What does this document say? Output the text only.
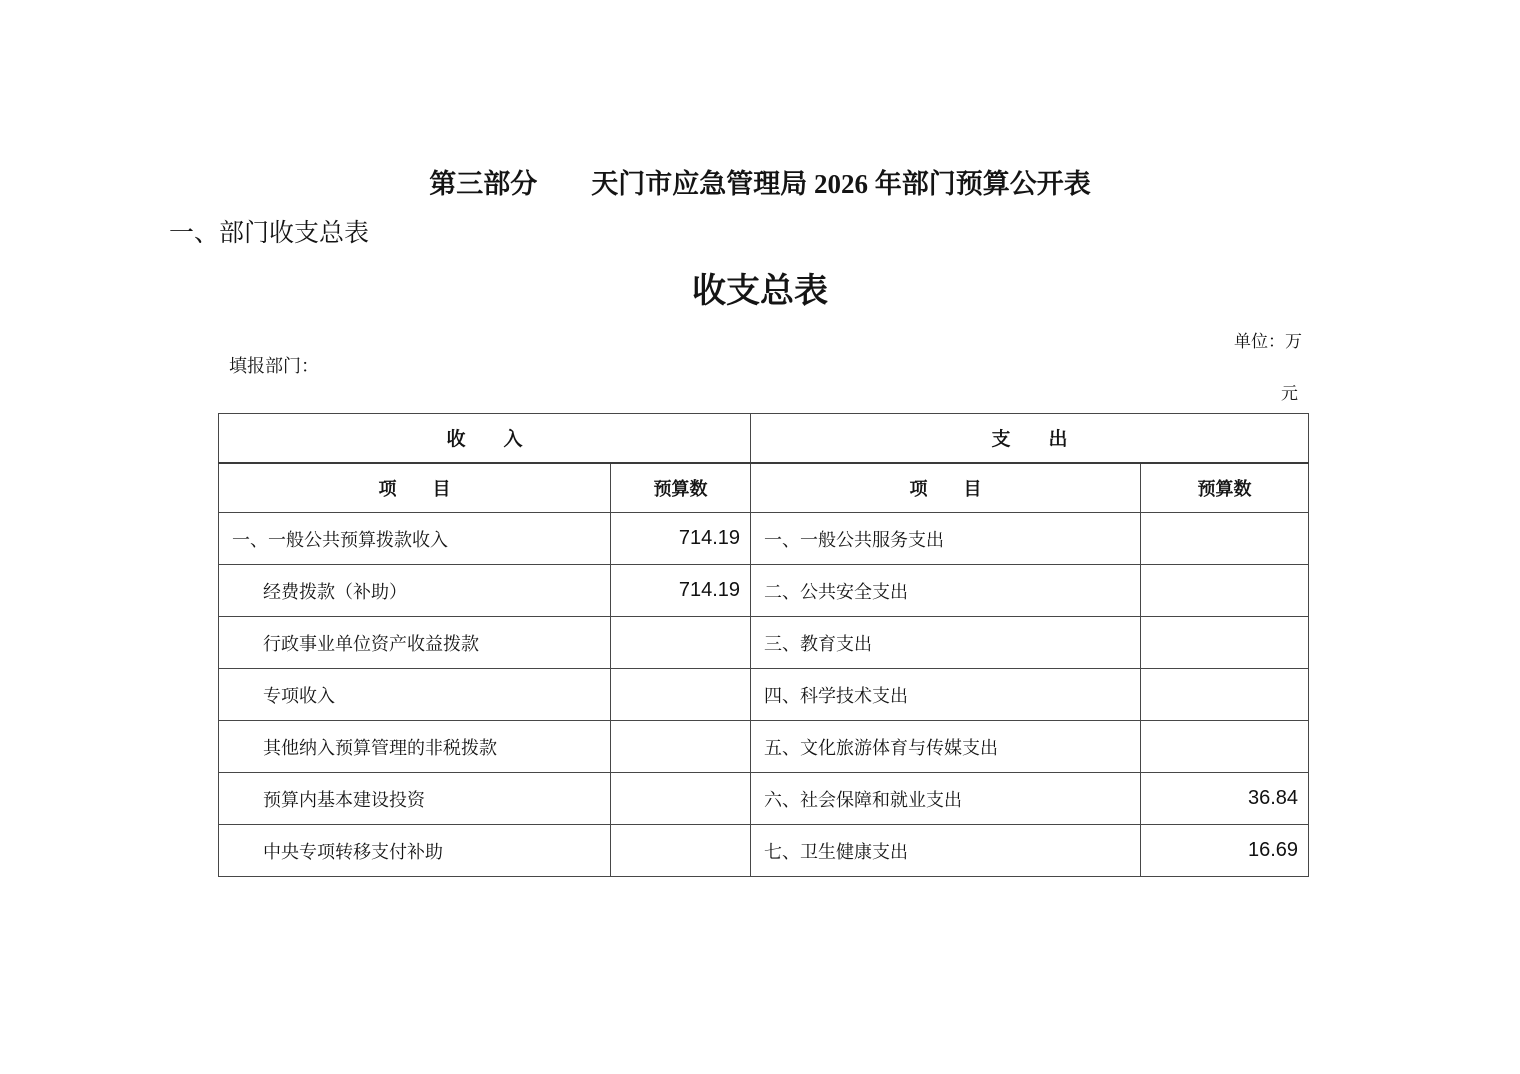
第三部分　　天门市应急管理局 2026 年部门预算公开表
一、部门收支总表
收支总表
单位：万
填报部门：
元
收　　入		支　　出	
项　　目	预算数	项　　目	预算数
一、一般公共预算拨款收入	714.19	一、一般公共服务支出	
经费拨款（补助）	714.19	二、公共安全支出	
行政事业单位资产收益拨款		三、教育支出	
专项收入		四、科学技术支出	
其他纳入预算管理的非税拨款		五、文化旅游体育与传媒支出	
预算内基本建设投资		六、社会保障和就业支出	36.84
中央专项转移支付补助		七、卫生健康支出	16.69
